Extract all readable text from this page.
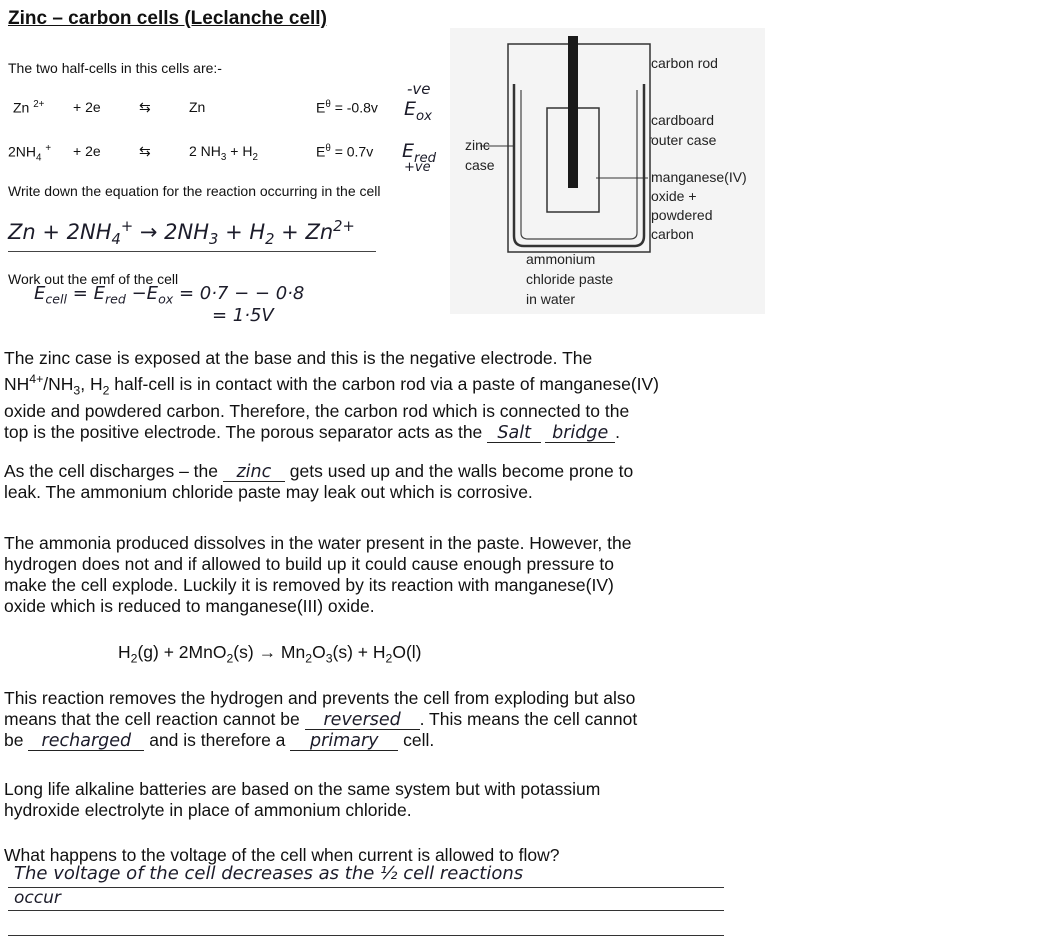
Zinc – carbon cells (Leclanche cell)
The two half-cells in this cells are:-
Zn $^{2+}$ + 2e	⇆	Zn	$E^\theta = -0.8v$
-ve
$E_{ox}$
$2NH_4$ + + 2e	⇆	2 $NH_3 + H_2$	$E^\theta = 0.7v$ $E_{red}$
+ve
Write down the equation for the reaction occurring in the cell
$Zn + 2NH_4^+ \to 2NH_3 + H_2 + Zn^{2+}$
Work out the emf of the cell
$E_{cell} = E_{red} -E_{ox} = 0\cdot 7$ − − 0·8
= 1·5V
carbon rod
cardboard
outer case
zinc
case
manganese(IV)
oxide +
powdered
carbon
ammonium
chloride paste
in water
The zinc case is exposed at the base and this is the negative electrode. The
$NH^{4+}/NH_3$, $H_2$ half-cell is in contact with the carbon rod via a paste of manganese(IV)
oxide and powdered carbon. Therefore, the carbon rod which is connected to the
top is the positive electrode. The porous separator acts as the Salt bridge .
As the cell discharges – the zinc gets used up and the walls become prone to
leak. The ammonium chloride paste may leak out which is corrosive.
The ammonia produced dissolves in the water present in the paste. However, the
hydrogen does not and if allowed to build up it could cause enough pressure to
make the cell explode. Luckily it is removed by its reaction with manganese(IV)
oxide which is reduced to manganese(III) oxide.
$H_2(g) + 2MnO_2(s) \to Mn_2O_3(s) + H_2O(l)$
This reaction removes the hydrogen and prevents the cell from exploding but also
means that the cell reaction cannot be reversed . This means the cell cannot
be recharged and is therefore a primary cell.
Long life alkaline batteries are based on the same system but with potassium
hydroxide electrolyte in place of ammonium chloride.
What happens to the voltage of the cell when current is allowed to flow?
The voltage of the cell decreases as the ½ cell reactions
occur
